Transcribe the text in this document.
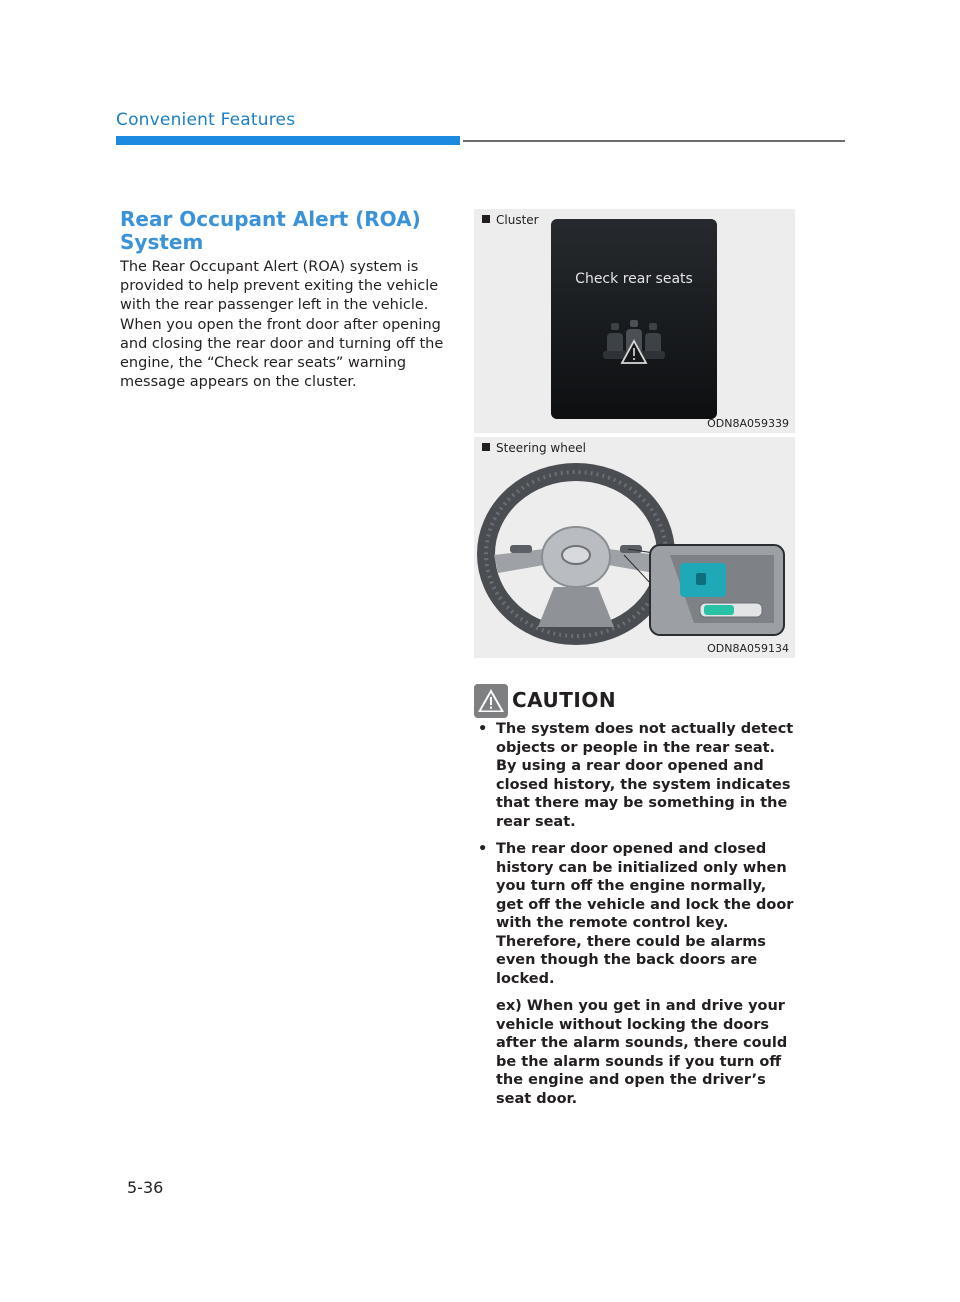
Convenient Features
Rear Occupant Alert (ROA) System

The Rear Occupant Alert (ROA) system is provided to help prevent exiting the vehicle with the rear passenger left in the vehicle. When you open the front door after opening and closing the rear door and turning off the engine, the “Check rear seats” warning message appears on the cluster.

Cluster
Check rear seats
ODN8A059339
Steering wheel
ODN8A059134
CAUTION
• The system does not actually detect objects or people in the rear seat. By using a rear door opened and closed history, the system indicates that there may be something in the rear seat.
• The rear door opened and closed history can be initialized only when you turn off the engine normally, get off the vehicle and lock the door with the remote control key. Therefore, there could be alarms even though the back doors are locked.
ex) When you get in and drive your vehicle without locking the doors after the alarm sounds, there could be the alarm sounds if you turn off the engine and open the driver’s seat door.
5-36
